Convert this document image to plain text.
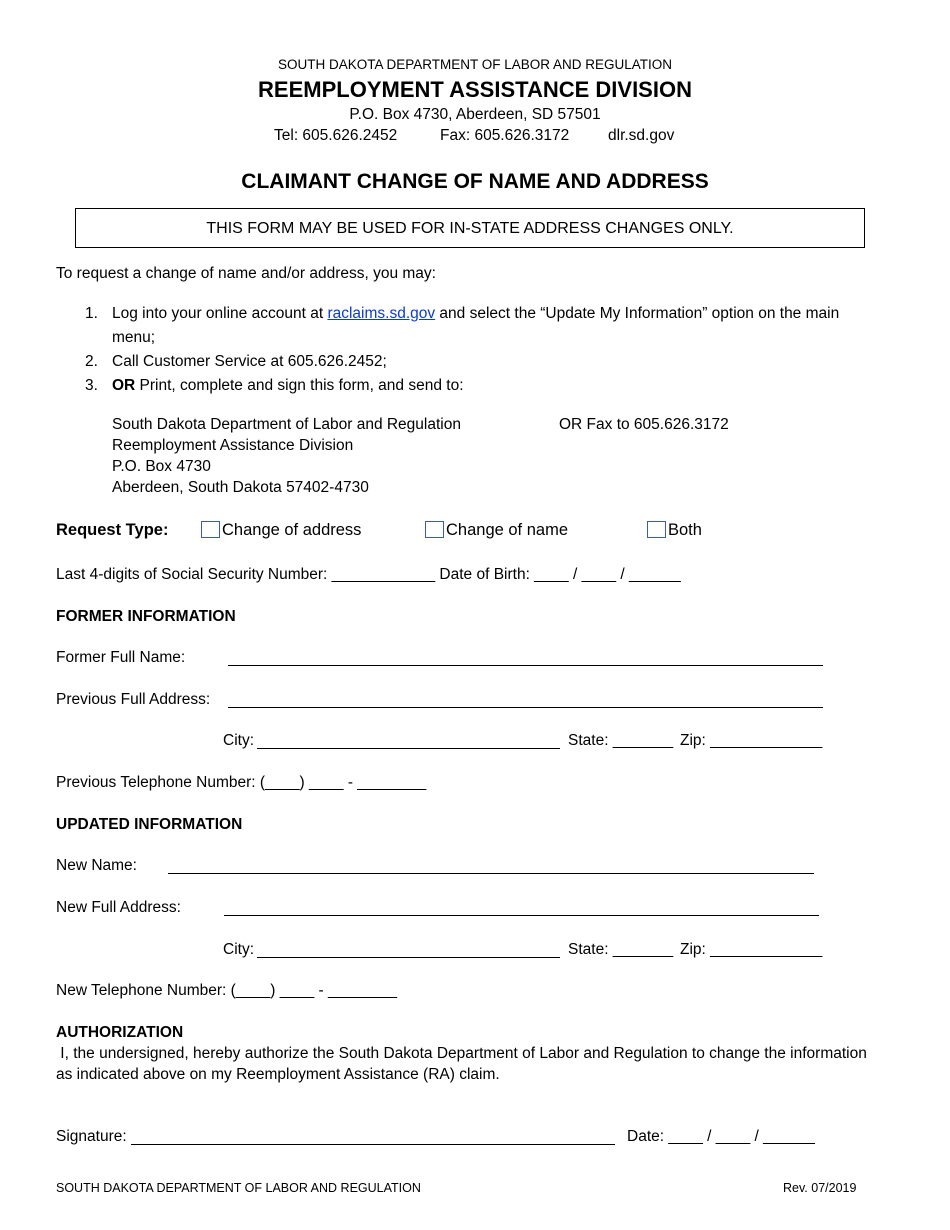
SOUTH DAKOTA DEPARTMENT OF LABOR AND REGULATION
REEMPLOYMENT ASSISTANCE DIVISION
P.O. Box 4730, Aberdeen, SD 57501
Tel: 605.626.2452	Fax: 605.626.3172 dlr.sd.gov
CLAIMANT CHANGE OF NAME AND ADDRESS
THIS FORM MAY BE USED FOR IN-STATE ADDRESS CHANGES ONLY.
To request a change of name and/or address, you may:
1. Log into your online account at raclaims.sd.gov and select the “Update My Information” option on the main
menu;
2. Call Customer Service at 605.626.2452;
3. OR Print, complete and sign this form, and send to:
South Dakota Department of Labor and Regulation
Reemployment Assistance Division
P.O. Box 4730
Aberdeen, South Dakota 57402-4730
OR Fax to 605.626.3172
Request Type:	Change of address	Change of name	Both
Last 4-digits of Social Security Number: ____________ Date of Birth: ____ / ____ / ______
FORMER INFORMATION
Former Full Name:
Previous Full Address:
City:	State: _______ Zip: _____________
Previous Telephone Number: (____) ____ - ________
UPDATED INFORMATION
New Name:
New Full Address:
City:	State: _______ Zip: _____________
New Telephone Number: (____) ____ - ________
AUTHORIZATION
I, the undersigned, hereby authorize the South Dakota Department of Labor and Regulation to change the information
as indicated above on my Reemployment Assistance (RA) claim.
Signature:	Date: ____ / ____ / ______
SOUTH DAKOTA DEPARTMENT OF LABOR AND REGULATION	Rev. 07/2019
